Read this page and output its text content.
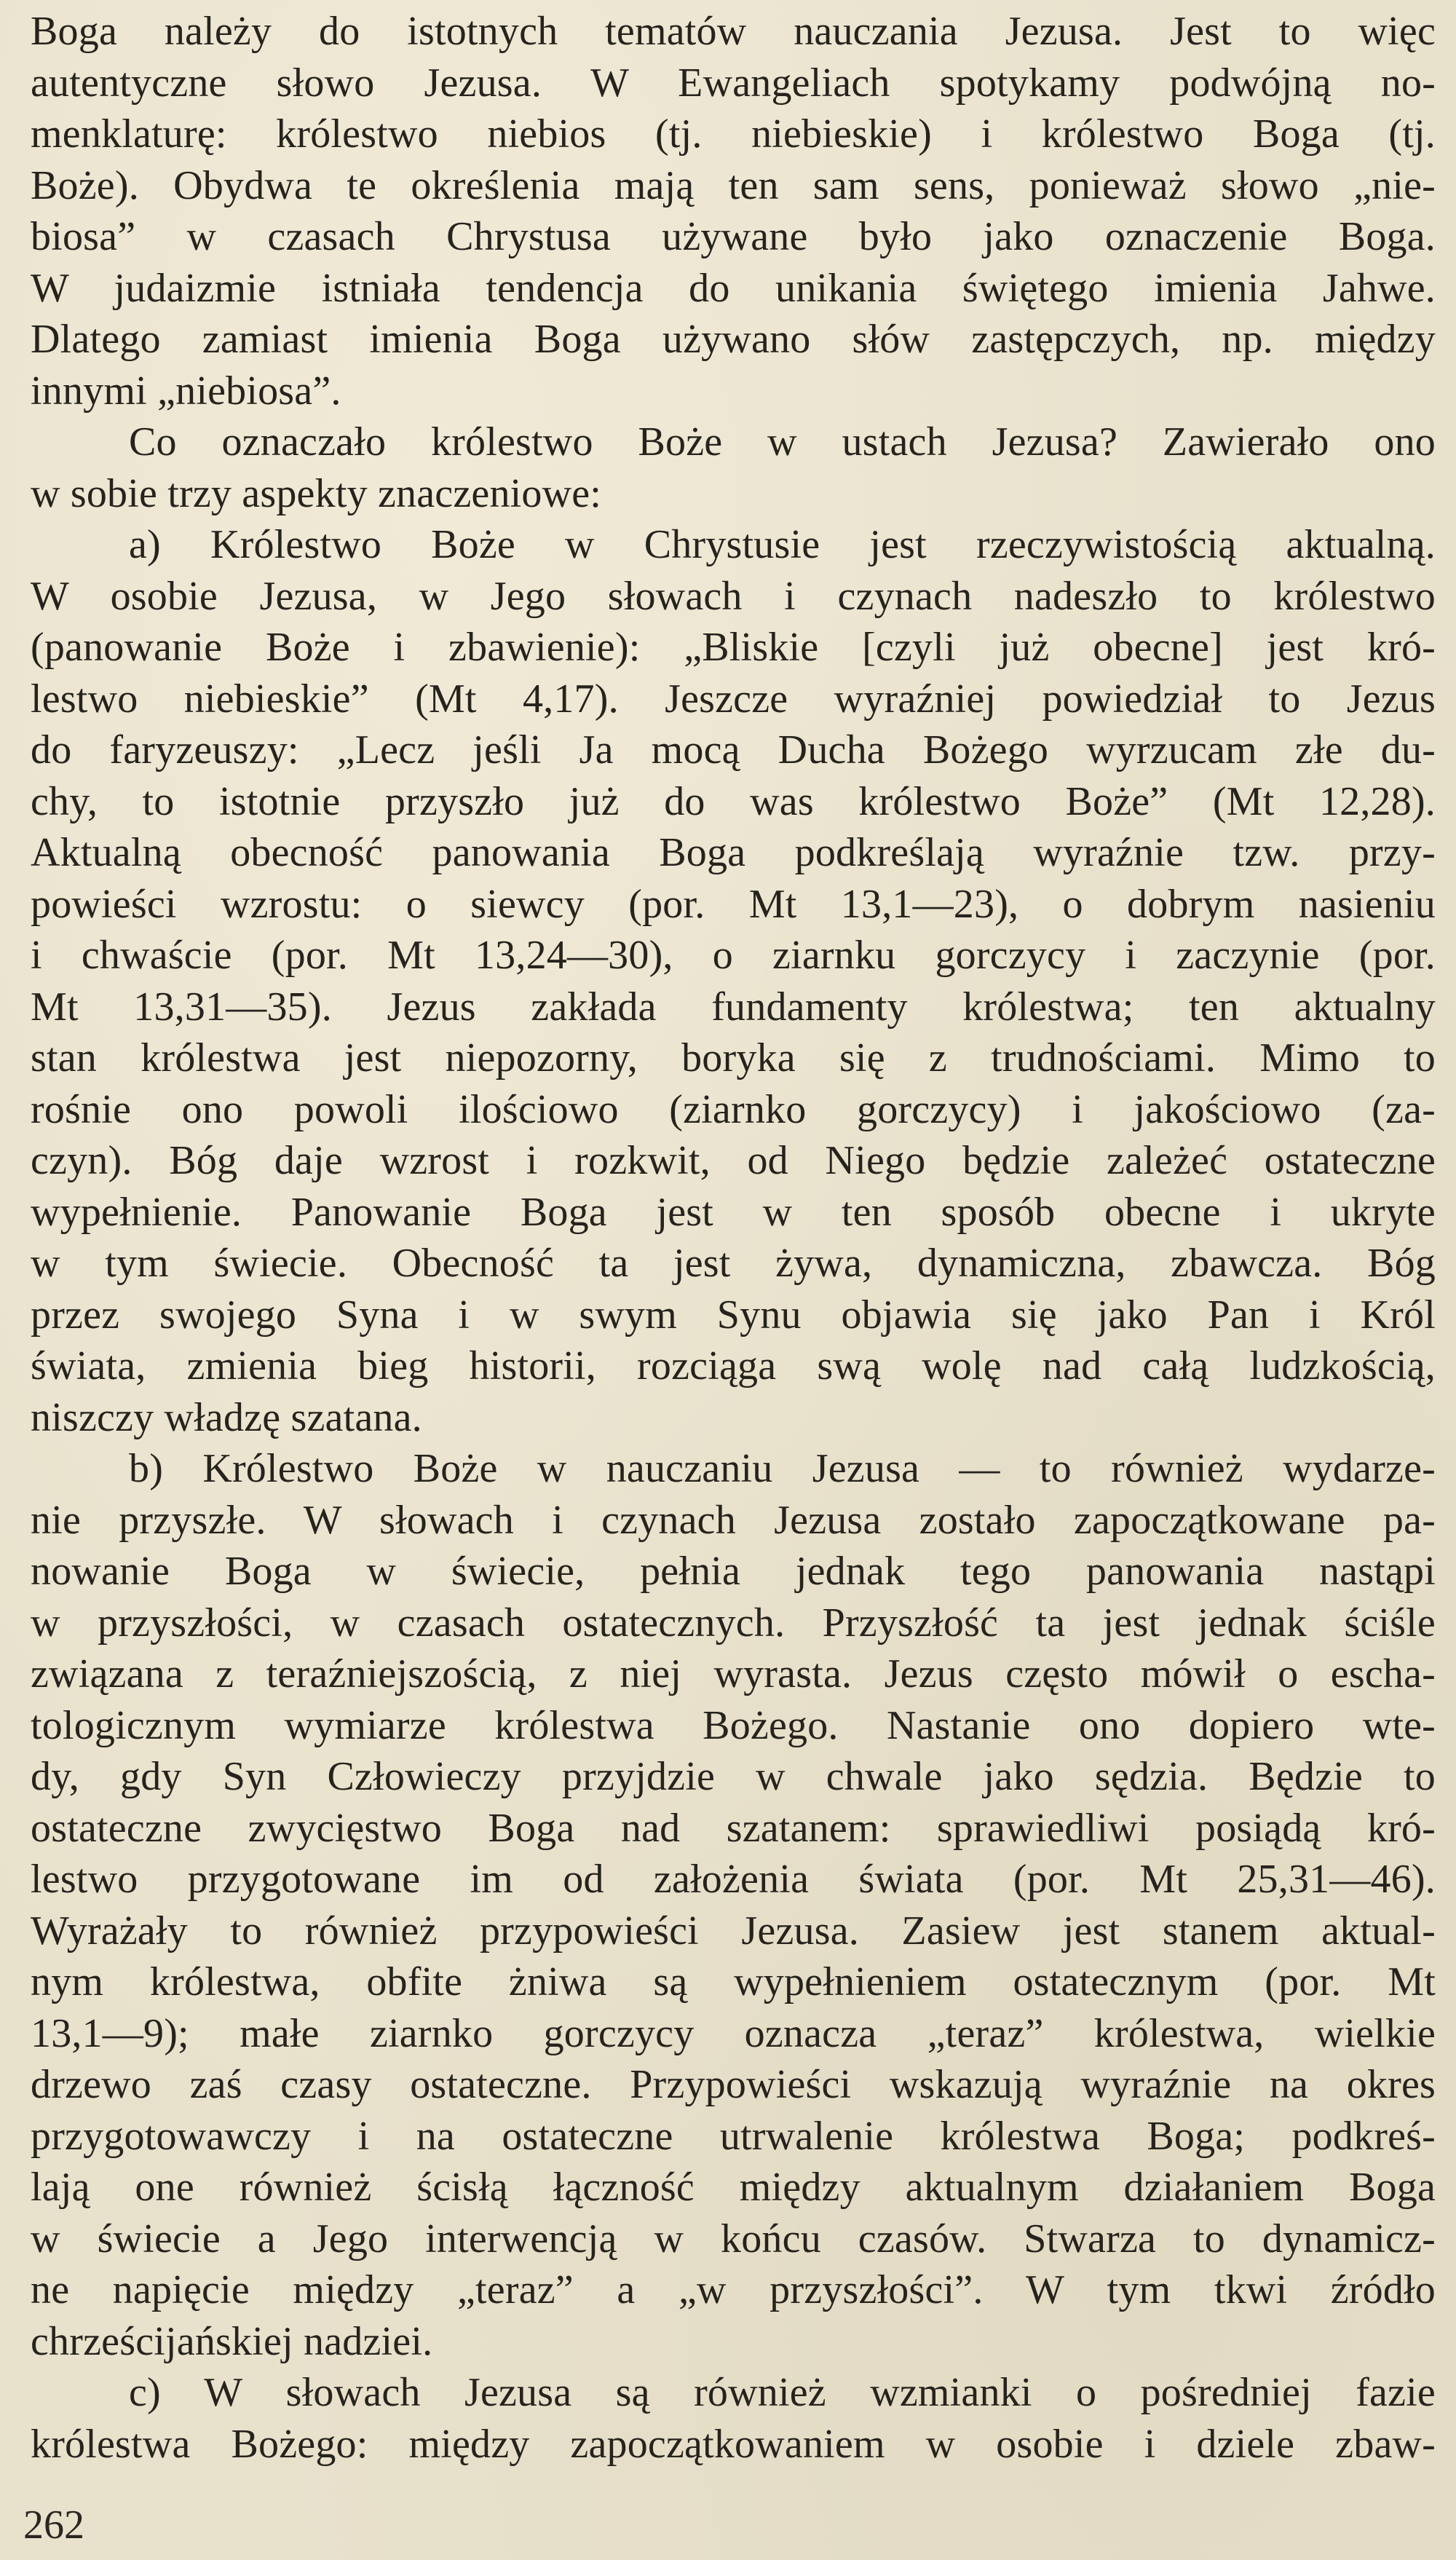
Boga należy do istotnych tematów nauczania Jezusa. Jest to więc
autentyczne słowo Jezusa. W Ewangeliach spotykamy podwójną no-
menklaturę: królestwo niebios (tj. niebieskie) i królestwo Boga (tj.
Boże). Obydwa te określenia mają ten sam sens, ponieważ słowo „nie-
biosa” w czasach Chrystusa używane było jako oznaczenie Boga.
W judaizmie istniała tendencja do unikania świętego imienia Jahwe.
Dlatego zamiast imienia Boga używano słów zastępczych, np. między
innymi „niebiosa”.
Co oznaczało królestwo Boże w ustach Jezusa? Zawierało ono
w sobie trzy aspekty znaczeniowe:
a) Królestwo Boże w Chrystusie jest rzeczywistością aktualną.
W osobie Jezusa, w Jego słowach i czynach nadeszło to królestwo
(panowanie Boże i zbawienie): „Bliskie [czyli już obecne] jest kró-
lestwo niebieskie” (Mt 4,17). Jeszcze wyraźniej powiedział to Jezus
do faryzeuszy: „Lecz jeśli Ja mocą Ducha Bożego wyrzucam złe du-
chy, to istotnie przyszło już do was królestwo Boże” (Mt 12,28).
Aktualną obecność panowania Boga podkreślają wyraźnie tzw. przy-
powieści wzrostu: o siewcy (por. Mt 13,1—23), o dobrym nasieniu
i chwaście (por. Mt 13,24—30), o ziarnku gorczycy i zaczynie (por.
Mt 13,31—35). Jezus zakłada fundamenty królestwa; ten aktualny
stan królestwa jest niepozorny, boryka się z trudnościami. Mimo to
rośnie ono powoli ilościowo (ziarnko gorczycy) i jakościowo (za-
czyn). Bóg daje wzrost i rozkwit, od Niego będzie zależeć ostateczne
wypełnienie. Panowanie Boga jest w ten sposób obecne i ukryte
w tym świecie. Obecność ta jest żywa, dynamiczna, zbawcza. Bóg
przez swojego Syna i w swym Synu objawia się jako Pan i Król
świata, zmienia bieg historii, rozciąga swą wolę nad całą ludzkością,
niszczy władzę szatana.
b) Królestwo Boże w nauczaniu Jezusa — to również wydarze-
nie przyszłe. W słowach i czynach Jezusa zostało zapoczątkowane pa-
nowanie Boga w świecie, pełnia jednak tego panowania nastąpi
w przyszłości, w czasach ostatecznych. Przyszłość ta jest jednak ściśle
związana z teraźniejszością, z niej wyrasta. Jezus często mówił o escha-
tologicznym wymiarze królestwa Bożego. Nastanie ono dopiero wte-
dy, gdy Syn Człowieczy przyjdzie w chwale jako sędzia. Będzie to
ostateczne zwycięstwo Boga nad szatanem: sprawiedliwi posiądą kró-
lestwo przygotowane im od założenia świata (por. Mt 25,31—46).
Wyrażały to również przypowieści Jezusa. Zasiew jest stanem aktual-
nym królestwa, obfite żniwa są wypełnieniem ostatecznym (por. Mt
13,1—9); małe ziarnko gorczycy oznacza „teraz” królestwa, wielkie
drzewo zaś czasy ostateczne. Przypowieści wskazują wyraźnie na okres
przygotowawczy i na ostateczne utrwalenie królestwa Boga; podkreś-
lają one również ścisłą łączność między aktualnym działaniem Boga
w świecie a Jego interwencją w końcu czasów. Stwarza to dynamicz-
ne napięcie między „teraz” a „w przyszłości”. W tym tkwi źródło
chrześcijańskiej nadziei.
c) W słowach Jezusa są również wzmianki o pośredniej fazie
królestwa Bożego: między zapoczątkowaniem w osobie i dziele zbaw-
262
